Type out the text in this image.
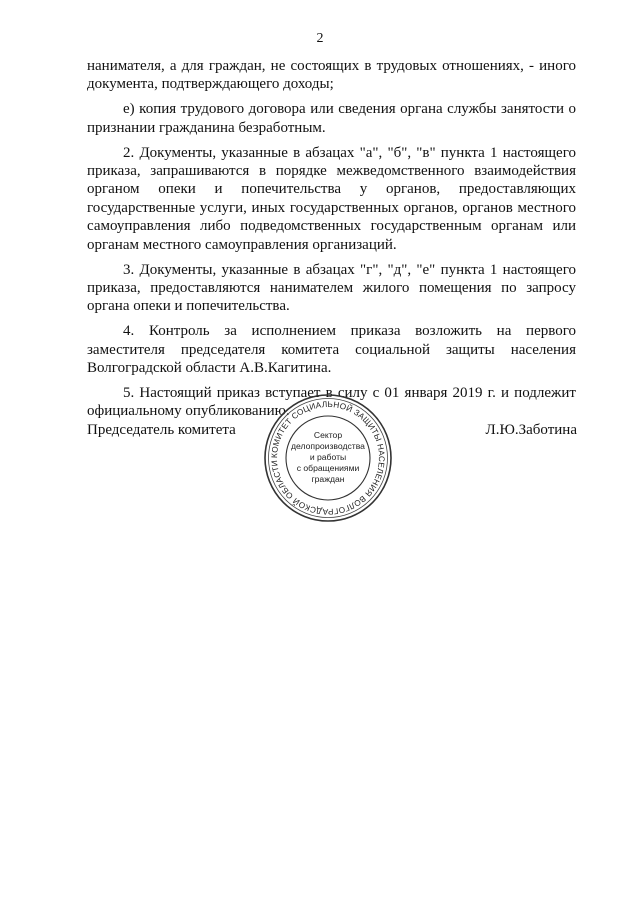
2

нанимателя, а для граждан, не состоящих в трудовых отношениях, - иного документа, подтверждающего доходы;

е) копия трудового договора или сведения органа службы занятости о признании гражданина безработным.

2. Документы, указанные в абзацах "а", "б", "в" пункта 1 настоящего приказа, запрашиваются в порядке межведомственного взаимодействия органом опеки и попечительства у органов, предоставляющих государственные услуги, иных государственных органов, органов местного самоуправления либо подведомственных государственным органам или органам местного самоуправления организаций.

3. Документы, указанные в абзацах "г", "д", "е" пункта 1 настоящего приказа, предоставляются нанимателем жилого помещения по запросу органа опеки и попечительства.

4. Контроль за исполнением приказа возложить на первого заместителя председателя комитета социальной защиты населения Волгоградской области А.В.Кагитина.

5. Настоящий приказ вступает в силу с 01 января 2019 г. и подлежит официальному опубликованию.

Председатель комитета	Л.Ю.Заботина
КОМИТЕТ СОЦИАЛЬНОЙ ЗАЩИТЫ НАСЕЛЕНИЯ ВОЛГОГРАДСКОЙ ОБЛАСТИ
Сектор
делопроизводства
и работы
с обращениями
граждан
